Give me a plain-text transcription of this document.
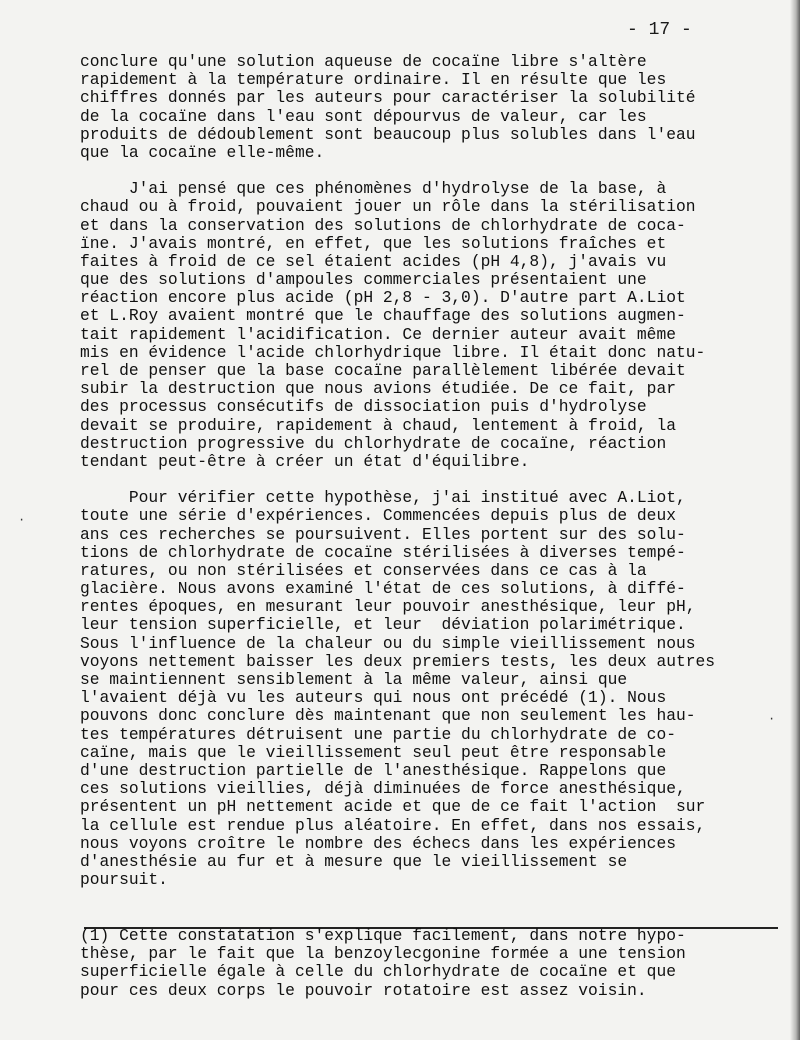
- 17 -
conclure qu'une solution aqueuse de cocaïne libre s'altère
rapidement à la température ordinaire. Il en résulte que les
chiffres donnés par les auteurs pour caractériser la solubilité
de la cocaïne dans l'eau sont dépourvus de valeur, car les
produits de dédoublement sont beaucoup plus solubles dans l'eau
que la cocaïne elle-même.
J'ai pensé que ces phénomènes d'hydrolyse de la base, à
chaud ou à froid, pouvaient jouer un rôle dans la stérilisation
et dans la conservation des solutions de chlorhydrate de coca-
ïne. J'avais montré, en effet, que les solutions fraîches et
faites à froid de ce sel étaient acides (pH 4,8), j'avais vu
que des solutions d'ampoules commerciales présentaient une
réaction encore plus acide (pH 2,8 - 3,0). D'autre part A.Liot
et L.Roy avaient montré que le chauffage des solutions augmen-
tait rapidement l'acidification. Ce dernier auteur avait même
mis en évidence l'acide chlorhydrique libre. Il était donc natu-
rel de penser que la base cocaïne parallèlement libérée devait
subir la destruction que nous avions étudiée. De ce fait, par
des processus consécutifs de dissociation puis d'hydrolyse
devait se produire, rapidement à chaud, lentement à froid, la
destruction progressive du chlorhydrate de cocaïne, réaction
tendant peut-être à créer un état d'équilibre.
Pour vérifier cette hypothèse, j'ai institué avec A.Liot,
toute une série d'expériences. Commencées depuis plus de deux
ans ces recherches se poursuivent. Elles portent sur des solu-
tions de chlorhydrate de cocaïne stérilisées à diverses tempé-
ratures, ou non stérilisées et conservées dans ce cas à la
glacière. Nous avons examiné l'état de ces solutions, à diffé-
rentes époques, en mesurant leur pouvoir anesthésique, leur pH,
leur tension superficielle, et leur  déviation polarimétrique.
Sous l'influence de la chaleur ou du simple vieillissement nous
voyons nettement baisser les deux premiers tests, les deux autres
se maintiennent sensiblement à la même valeur, ainsi que
l'avaient déjà vu les auteurs qui nous ont précédé (1). Nous
pouvons donc conclure dès maintenant que non seulement les hau-
tes températures détruisent une partie du chlorhydrate de co-
caïne, mais que le vieillissement seul peut être responsable
d'une destruction partielle de l'anesthésique. Rappelons que
ces solutions vieillies, déjà diminuées de force anesthésique,
présentent un pH nettement acide et que de ce fait l'action  sur
la cellule est rendue plus aléatoire. En effet, dans nos essais,
nous voyons croître le nombre des échecs dans les expériences
d'anesthésie au fur et à mesure que le vieillissement se
poursuit.
(1) Cette constatation s'explique facilement, dans notre hypo-
thèse, par le fait que la benzoylecgonine formée a une tension
superficielle égale à celle du chlorhydrate de cocaïne et que
pour ces deux corps le pouvoir rotatoire est assez voisin.
·
·
